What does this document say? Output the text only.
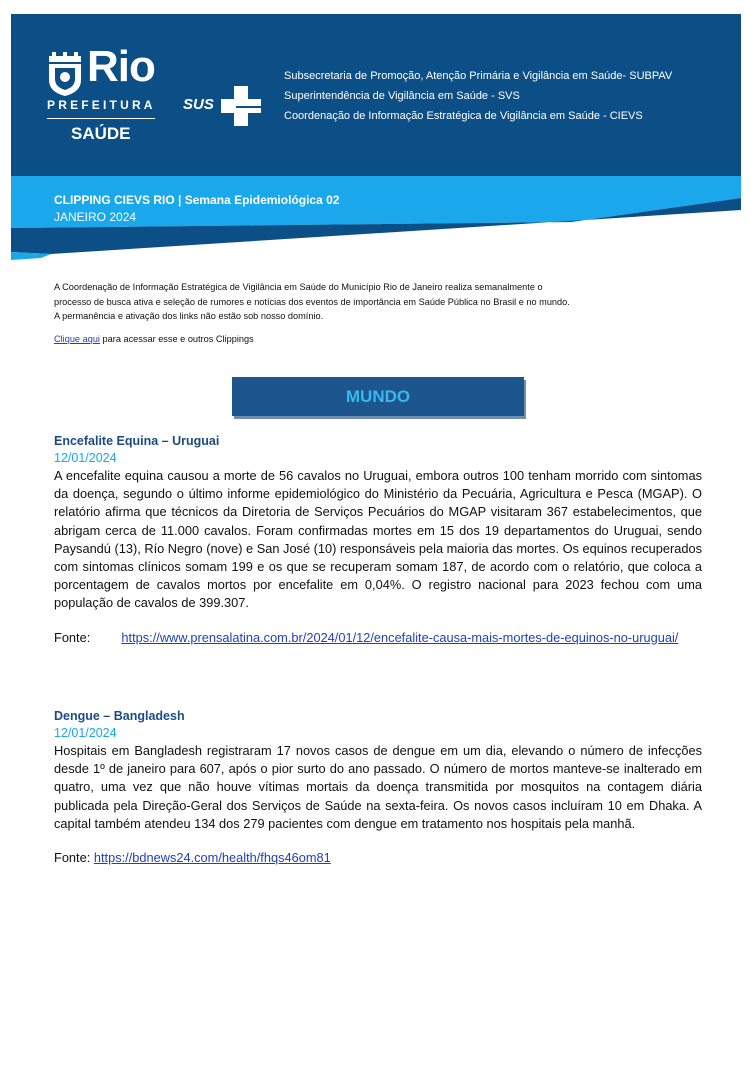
Rio
PREFEITURA
SAÚDE
SUS
Subsecretaria de Promoção, Atenção Primária e Vigilância em Saúde- SUBPAV
Superintendência de Vigilância em Saúde - SVS
Coordenação de Informação Estratégica de Vigilância em Saúde - CIEVS
CLIPPING CIEVS RIO | Semana Epidemiológica 02
JANEIRO 2024
A Coordenação de Informação Estratégica de Vigilância em Saúde do Município Rio de Janeiro realiza semanalmente o processo de busca ativa e seleção de rumores e notícias dos eventos de importância em Saúde Pública no Brasil e no mundo. A permanência e ativação dos links não estão sob nosso domínio.
Clique aqui para acessar esse e outros Clippings
MUNDO
Encefalite Equina – Uruguai
12/01/2024
A encefalite equina causou a morte de 56 cavalos no Uruguai, embora outros 100 tenham morrido com sintomas da doença, segundo o último informe epidemiológico do Ministério da Pecuária, Agricultura e Pesca (MGAP). O relatório afirma que técnicos da Diretoria de Serviços Pecuários do MGAP visitaram 367 estabelecimentos, que abrigam cerca de 11.000 cavalos. Foram confirmadas mortes em 15 dos 19 departamentos do Uruguai, sendo Paysandú (13), Río Negro (nove) e San José (10) responsáveis pela maioria das mortes. Os equinos recuperados com sintomas clínicos somam 199 e os que se recuperam somam 187, de acordo com o relatório, que coloca a porcentagem de cavalos mortos por encefalite em 0,04%. O registro nacional para 2023 fechou com uma população de cavalos de 399.307.
Fonte: https://www.prensalatina.com.br/2024/01/12/encefalite-causa-mais-mortes-de-equinos-no-uruguai/
Dengue – Bangladesh
12/01/2024
Hospitais em Bangladesh registraram 17 novos casos de dengue em um dia, elevando o número de infecções desde 1º de janeiro para 607, após o pior surto do ano passado. O número de mortos manteve-se inalterado em quatro, uma vez que não houve vítimas mortais da doença transmitida por mosquitos na contagem diária publicada pela Direção-Geral dos Serviços de Saúde na sexta-feira. Os novos casos incluíram 10 em Dhaka. A capital também atendeu 134 dos 279 pacientes com dengue em tratamento nos hospitais pela manhã.
Fonte: https://bdnews24.com/health/fhqs46om81
